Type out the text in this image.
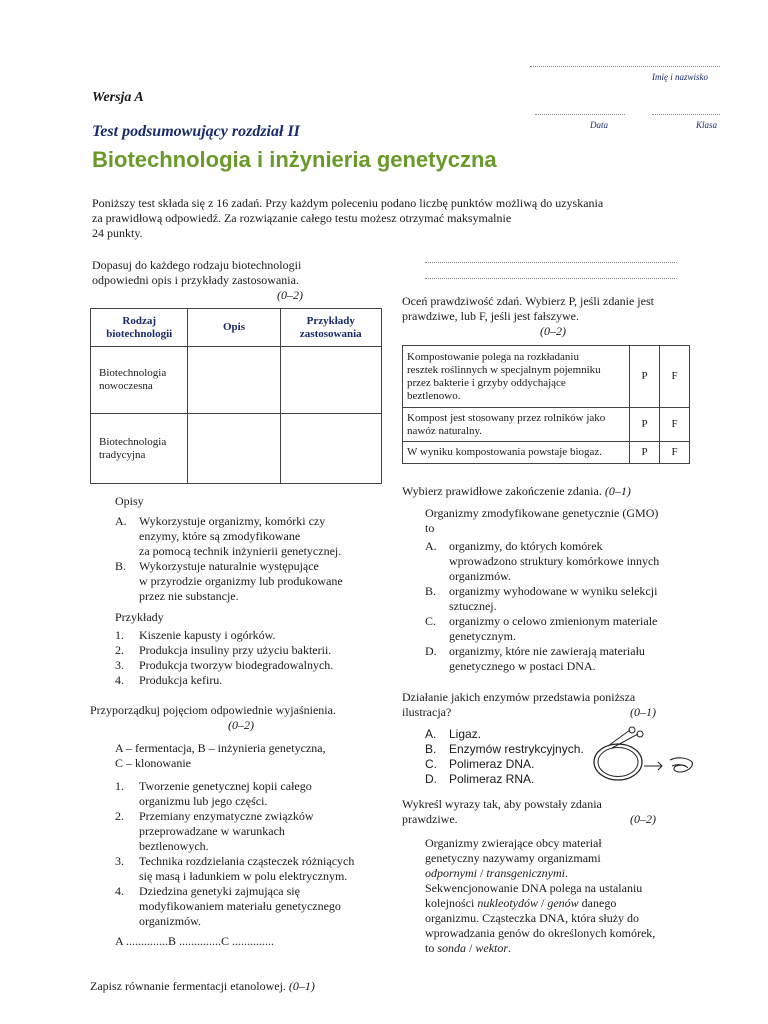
Imię i nazwisko
Data	Klasa
Wersja A
Test podsumowujący rozdział II
Biotechnologia i inżynieria genetyczna
Poniższy test składa się z 16 zadań. Przy każdym poleceniu podano liczbę punktów możliwą do uzyskania
za prawidłową odpowiedź. Za rozwiązanie całego testu możesz otrzymać maksymalnie
24 punkty.
Dopasuj do każdego rodzaju biotechnologii
odpowiedni opis i przykłady zastosowania.
(0–2)
Rodzaj
biotechnologii	Opis	Przykłady
zastosowania
Biotechnologia
nowoczesna		
Biotechnologia
tradycyjna		
Opisy
A. Wykorzystuje organizmy, komórki czy
enzymy, które są zmodyfikowane
za pomocą technik inżynierii genetycznej.
B. Wykorzystuje naturalnie występujące
w przyrodzie organizmy lub produkowane
przez nie substancje.
Przykłady
1. Kiszenie kapusty i ogórków.
2. Produkcja insuliny przy użyciu bakterii.
3. Produkcja tworzyw biodegradowalnych.
4. Produkcja kefiru.
Przyporządkuj pojęciom odpowiednie wyjaśnienia.
(0–2)
A – fermentacja, B – inżynieria genetyczna,
C – klonowanie
1. Tworzenie genetycznej kopii całego
organizmu lub jego części.
2. Przemiany enzymatyczne związków
przeprowadzane w warunkach
beztlenowych.
3. Technika rozdzielania cząsteczek różniących
się masą i ładunkiem w polu elektrycznym.
4. Dziedzina genetyki zajmująca się
modyfikowaniem materiału genetycznego
organizmów.
A ..............B ..............C ..............
Zapisz równanie fermentacji etanolowej. (0–1)
Oceń prawdziwość zdań. Wybierz P, jeśli zdanie jest
prawdziwe, lub F, jeśli jest fałszywe.
(0–2)
Kompostowanie polega na rozkładaniu
resztek roślinnych w specjalnym pojemniku
przez bakterie i grzyby oddychające
beztlenowo.	P	F

Kompost jest stosowany przez rolników jako
nawóz naturalny.	P	F

W wyniku kompostowania powstaje biogaz.	P	F
Wybierz prawidłowe zakończenie zdania. (0–1)
Organizmy zmodyfikowane genetycznie (GMO)
to
A. organizmy, do których komórek
wprowadzono struktury komórkowe innych
organizmów.
B. organizmy wyhodowane w wyniku selekcji
sztucznej.
C. organizmy o celowo zmienionym materiale
genetycznym.
D. organizmy, które nie zawierają materiału
genetycznego w postaci DNA.
Działanie jakich enzymów przedstawia poniższa
ilustracja?	(0–1)
A. Ligaz.
B. Enzymów restrykcyjnych.
C. Polimeraz DNA.
D. Polimeraz RNA.
Wykreśl wyrazy tak, aby powstały zdania
prawdziwe.	(0–2)
Organizmy zwierające obcy materiał
genetyczny nazywamy organizmami
odpornymi / transgenicznymi.
Sekwencjonowanie DNA polega na ustalaniu
kolejności nukleotydów / genów danego
organizmu. Cząsteczka DNA, która służy do
wprowadzania genów do określonych komórek,
to sonda / wektor.
